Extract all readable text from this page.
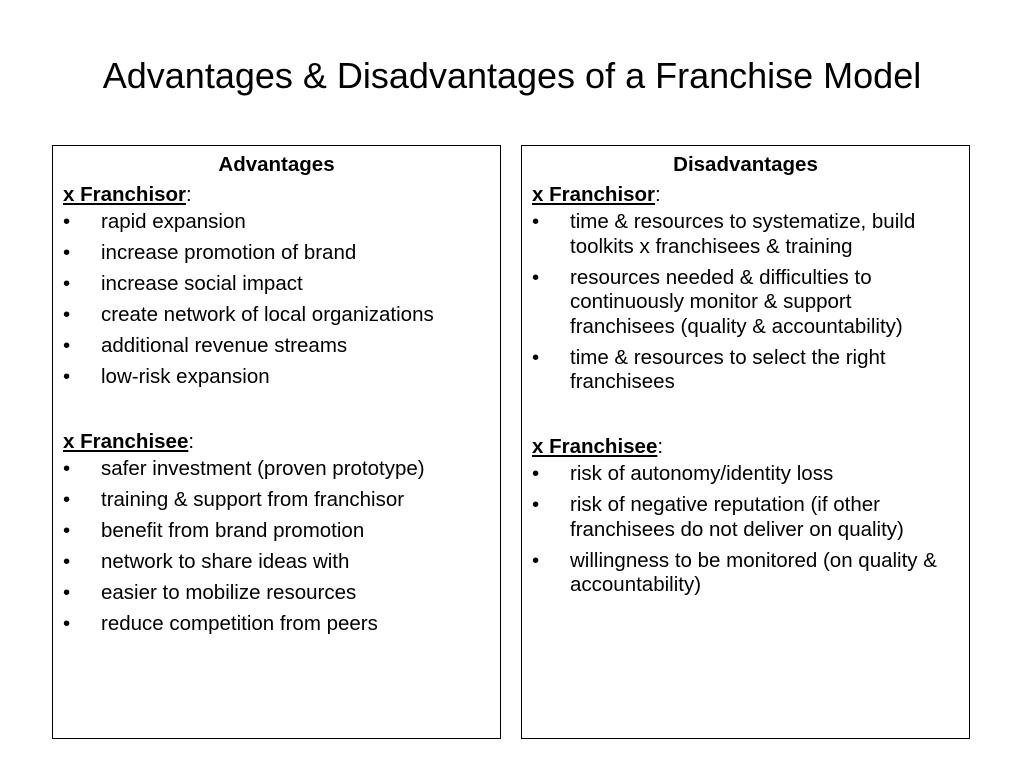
Advantages & Disadvantages of a Franchise Model
Advantages
x Franchisor:
•	rapid expansion
•	increase promotion of brand
•	increase social impact
•	create network of local organizations
•	additional revenue streams
•	low-risk expansion
x Franchisee:
•	safer investment (proven prototype)
•	training & support from franchisor
•	benefit from brand promotion
•	network to share ideas with
•	easier to mobilize resources
•	reduce competition from peers
Disadvantages
x Franchisor:
•	time & resources to systematize, build toolkits x franchisees & training
•	resources needed & difficulties to continuously monitor & support franchisees (quality & accountability)
•	time & resources to select the right franchisees
x Franchisee:
•	risk of autonomy/identity loss
•	risk of negative reputation (if other franchisees do not deliver on quality)
•	willingness to be monitored (on quality & accountability)
